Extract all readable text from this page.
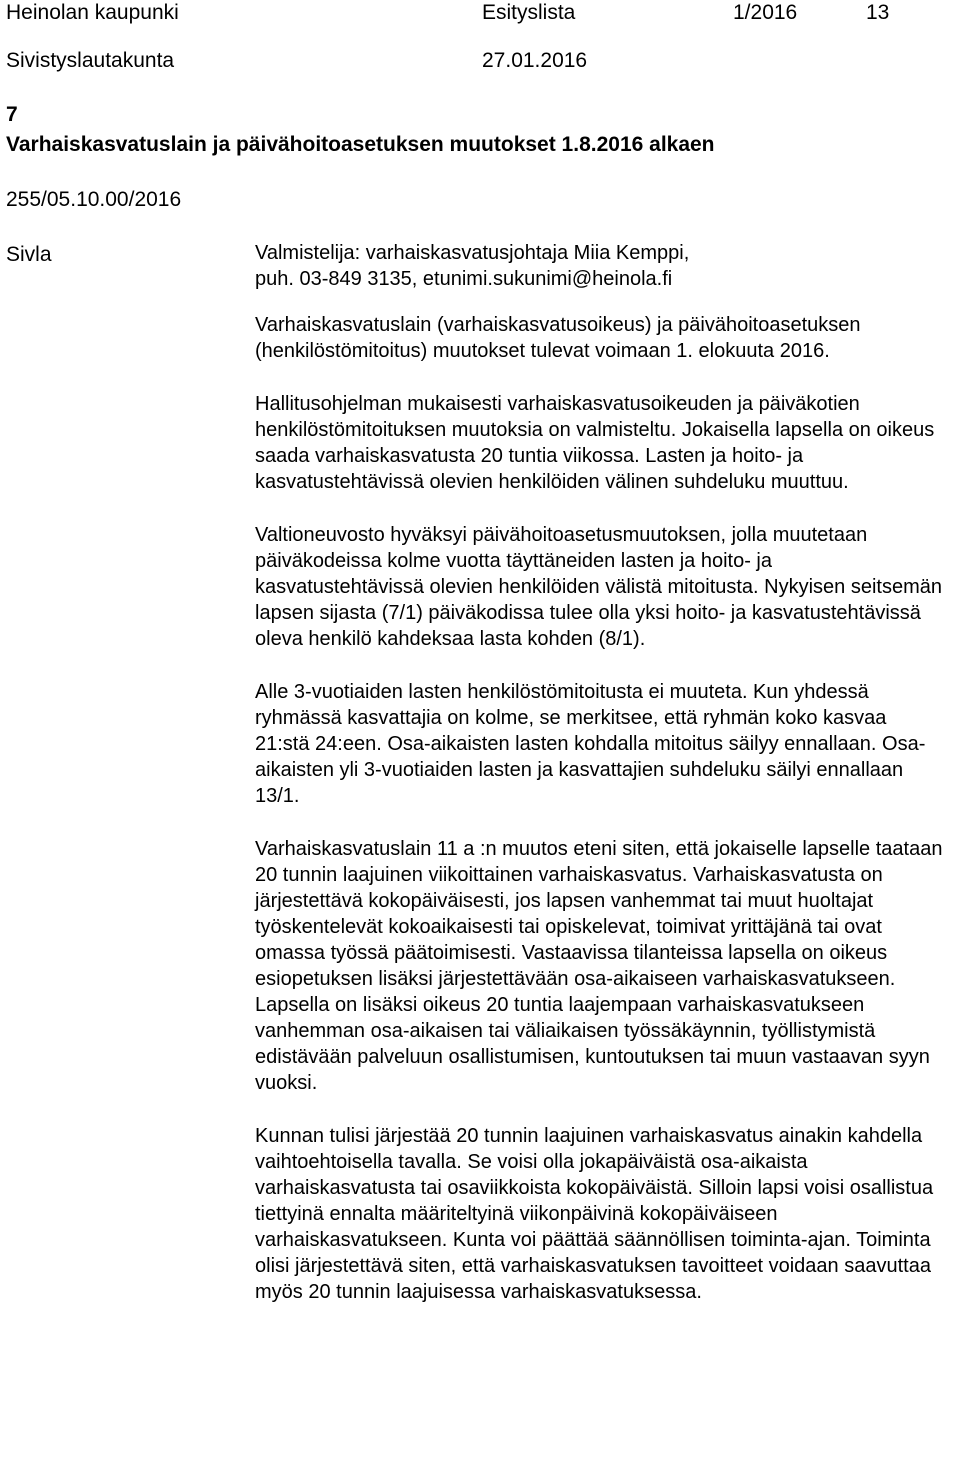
Heinolan kaupunki	Esityslista	1/2016	13
Sivistyslautakunta	27.01.2016
7
Varhaiskasvatuslain ja päivähoitoasetuksen muutokset 1.8.2016 alkaen
255/05.10.00/2016
Sivla	Valmistelija: varhaiskasvatusjohtaja Miia Kemppi,
puh. 03-849 3135, etunimi.sukunimi@heinola.fi

Varhaiskasvatuslain (varhaiskasvatusoikeus) ja päivähoitoasetuksen (henkilöstömitoitus) muutokset tulevat voimaan 1. elokuuta 2016.

Hallitusohjelman mukaisesti varhaiskasvatusoikeuden ja päiväkotien henkilöstömitoituksen muutoksia on valmisteltu. Jokaisella lapsella on oikeus saada varhaiskasvatusta 20 tuntia viikossa. Lasten ja hoito- ja kasvatustehtävissä olevien henkilöiden välinen suhdeluku muuttuu.

Valtioneuvosto hyväksyi päivähoitoasetusmuutoksen, jolla muutetaan päiväkodeissa kolme vuotta täyttäneiden lasten ja hoito- ja kasvatustehtävissä olevien henkilöiden välistä mitoitusta. Nykyisen seitsemän lapsen sijasta (7/1) päiväkodissa tulee olla yksi hoito- ja kasvatustehtävissä oleva henkilö kahdeksaa lasta kohden (8/1).

Alle 3-vuotiaiden lasten henkilöstömitoitusta ei muuteta. Kun yhdessä ryhmässä kasvattajia on kolme, se merkitsee, että ryhmän koko kasvaa 21:stä 24:een. Osa-aikaisten lasten kohdalla mitoitus säilyy ennallaan. Osa-aikaisten yli 3-vuotiaiden lasten ja kasvattajien suhdeluku säilyi ennallaan 13/1.

Varhaiskasvatuslain 11 a :n muutos eteni siten, että jokaiselle lapselle taataan 20 tunnin laajuinen viikoittainen varhaiskasvatus. Varhaiskasvatusta on järjestettävä kokopäiväisesti, jos lapsen vanhemmat tai muut huoltajat työskentelevät kokoaikaisesti tai opiskelevat, toimivat yrittäjänä tai ovat omassa työssä päätoimisesti. Vastaavissa tilanteissa lapsella on oikeus esiopetuksen lisäksi järjestettävään osa-aikaiseen varhaiskasvatukseen. Lapsella on lisäksi oikeus 20 tuntia laajempaan varhaiskasvatukseen vanhemman osa-aikaisen tai väliaikaisen työssäkäynnin, työllistymistä edistävään palveluun osallistumisen, kuntoutuksen tai muun vastaavan syyn vuoksi.

Kunnan tulisi järjestää 20 tunnin laajuinen varhaiskasvatus ainakin kahdella vaihtoehtoisella tavalla. Se voisi olla jokapäiväistä osa-aikaista varhaiskasvatusta tai osaviikkoista kokopäiväistä. Silloin lapsi voisi osallistua tiettyinä ennalta määriteltyinä viikonpäivinä kokopäiväiseen varhaiskasvatukseen. Kunta voi päättää säännöllisen toiminta-ajan. Toiminta olisi järjestettävä siten, että varhaiskasvatuksen tavoitteet voidaan saavuttaa myös 20 tunnin laajuisessa varhaiskasvatuksessa.
